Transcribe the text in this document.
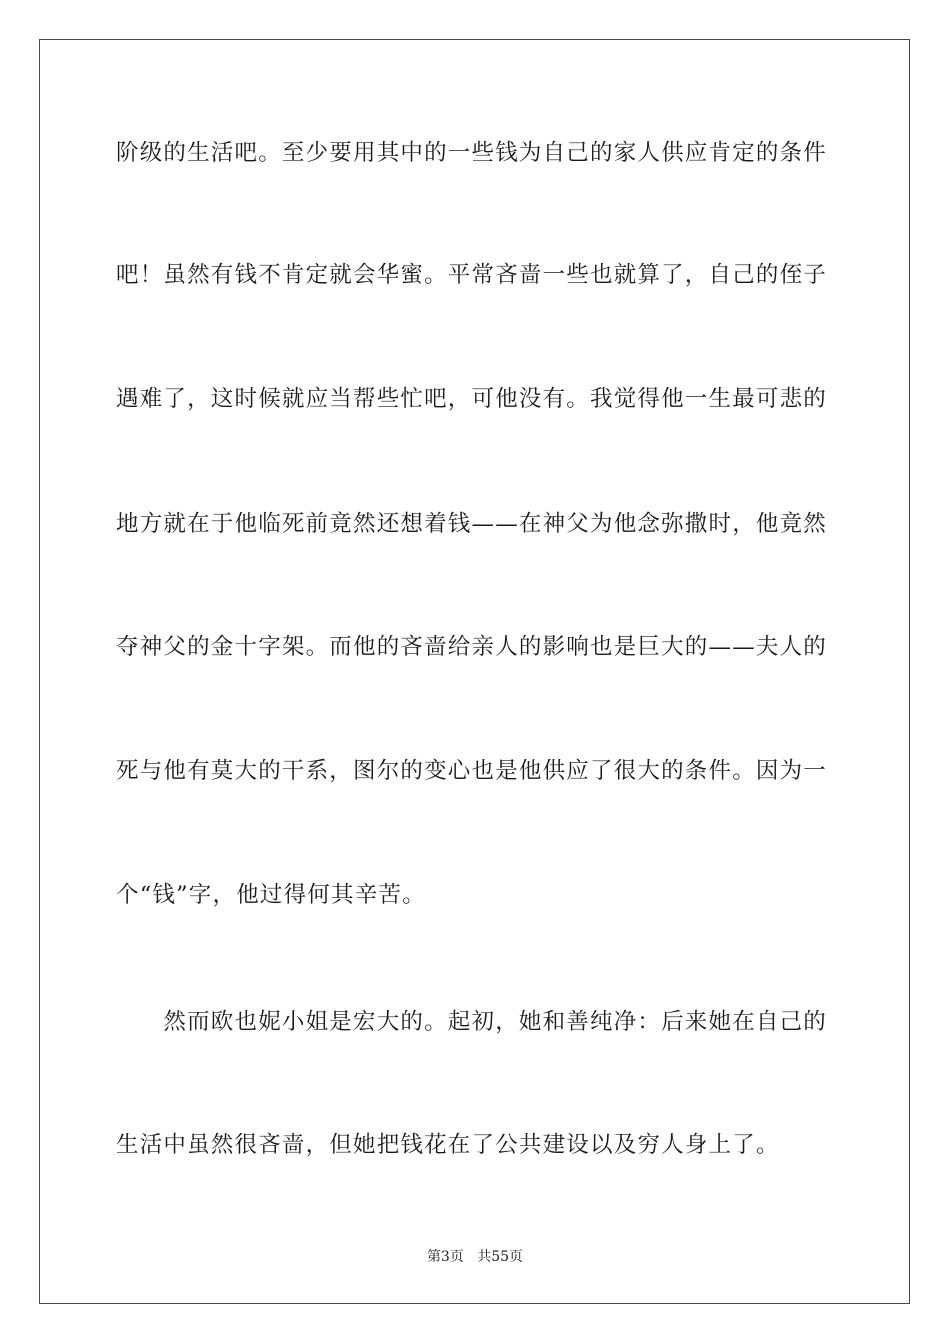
阶级的生活吧。至少要用其中的一些钱为自己的家人供应肯定的条件
吧！虽然有钱不肯定就会华蜜。平常吝啬一些也就算了，自己的侄子
遇难了，这时候就应当帮些忙吧，可他没有。我觉得他一生最可悲的
地方就在于他临死前竟然还想着钱——在神父为他念弥撒时，他竟然
夺神父的金十字架。而他的吝啬给亲人的影响也是巨大的——夫人的
死与他有莫大的干系，图尔的变心也是他供应了很大的条件。因为一
个“钱”字，他过得何其辛苦。
　　然而欧也妮小姐是宏大的。起初，她和善纯净：后来她在自己的
生活中虽然很吝啬，但她把钱花在了公共建设以及穷人身上了。
第3页 共55页
